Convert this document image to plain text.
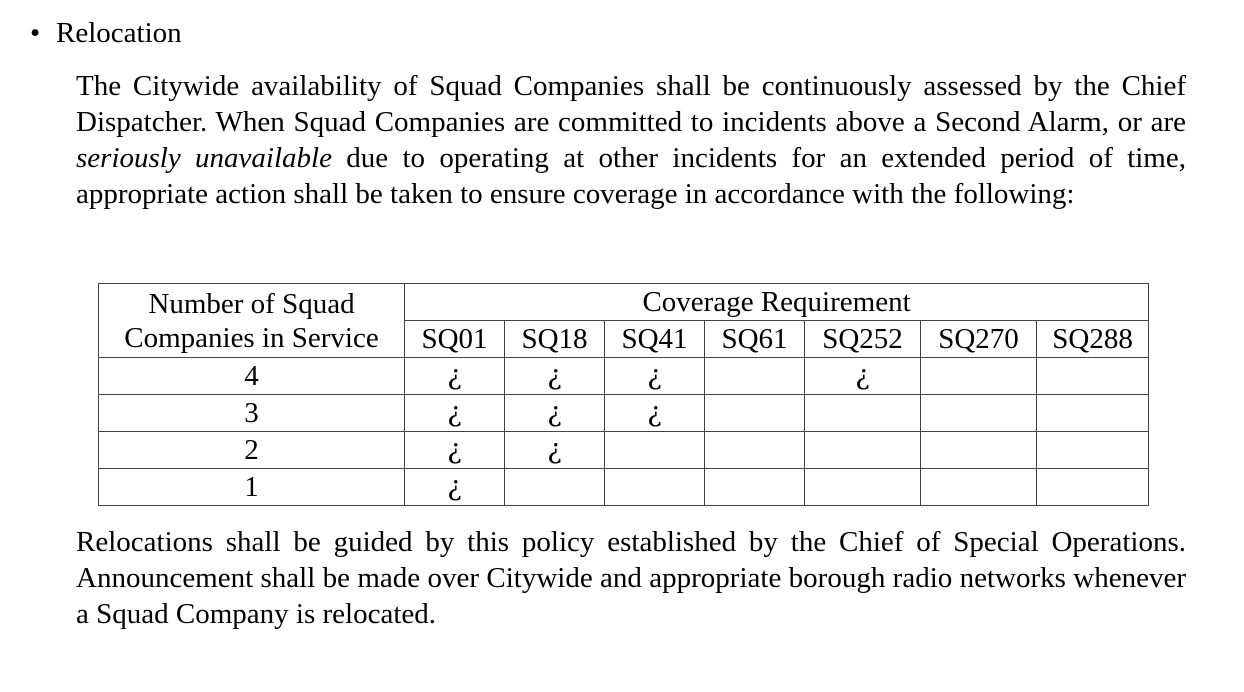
• Relocation

The Citywide availability of Squad Companies shall be continuously assessed by the Chief Dispatcher. When Squad Companies are committed to incidents above a Second Alarm, or are seriously unavailable due to operating at other incidents for an extended period of time, appropriate action shall be taken to ensure coverage in accordance with the following:

Number of Squad
Companies in Service	Coverage Requirement						
	SQ01	SQ18	SQ41	SQ61	SQ252	SQ270	SQ288
4	¿	¿	¿		¿		
3	¿	¿	¿				
2	¿	¿					
1	¿						

Relocations shall be guided by this policy established by the Chief of Special Operations. Announcement shall be made over Citywide and appropriate borough radio networks whenever a Squad Company is relocated.
